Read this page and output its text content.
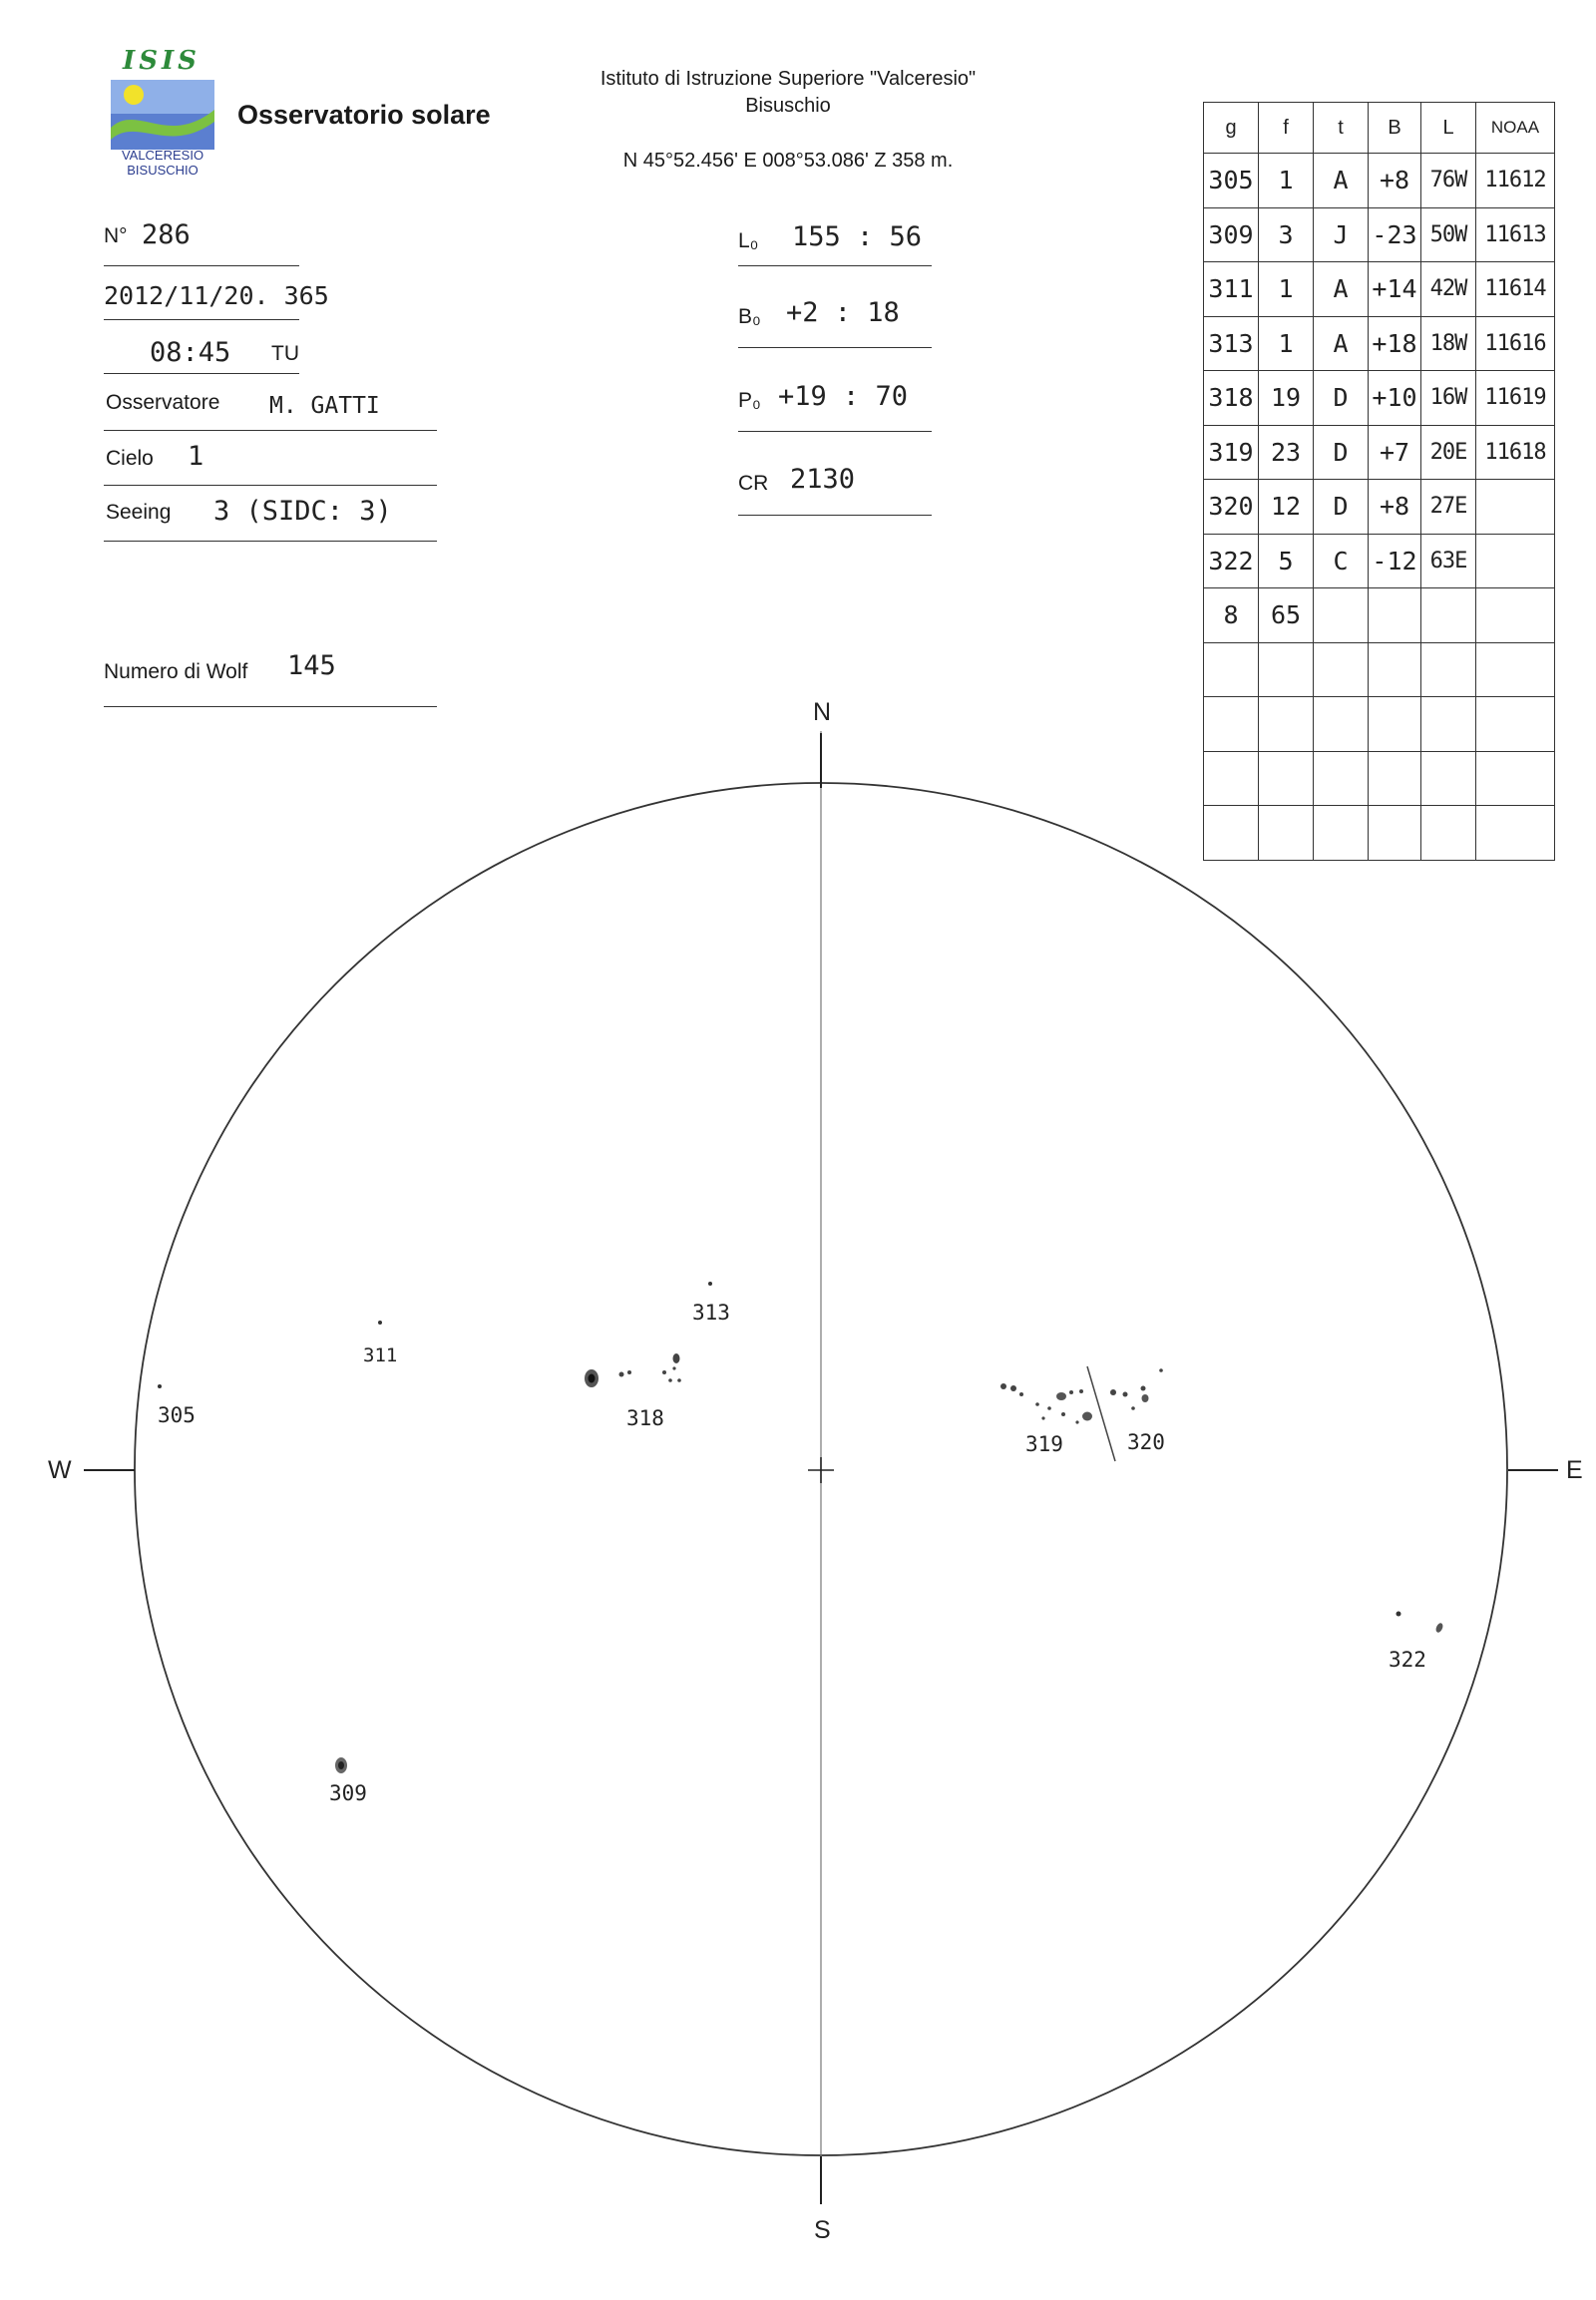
ISIS
VALCERESIO
BISUSCHIO
Osservatorio solare
Istituto di Istruzione Superiore "Valceresio"
Bisuschio
N 45°52.456' E 008°53.086' Z 358 m.
N° 286
2012/11/20. 365
08:45 TU
Osservatore M. GATTI
Cielo 1
Seeing 3 (SIDC: 3)
Numero di Wolf 145
L₀ 155 : 56
B₀ +2 : 18
P₀ +19 : 70
CR 2130
g	f	t	B	L	NOAA
305	1	A	+8	76W	11612
309	3	J	-23	50W	11613
311	1	A	+14	42W	11614
313	1	A	+18	18W	11616
318	19	D	+10	16W	11619
319	23	D	+7	20E	11618
320	12	D	+8	27E	
322	5	C	-12	63E	
8	65				

N
S
W	E
305
311
313
318
319	320
322
309
